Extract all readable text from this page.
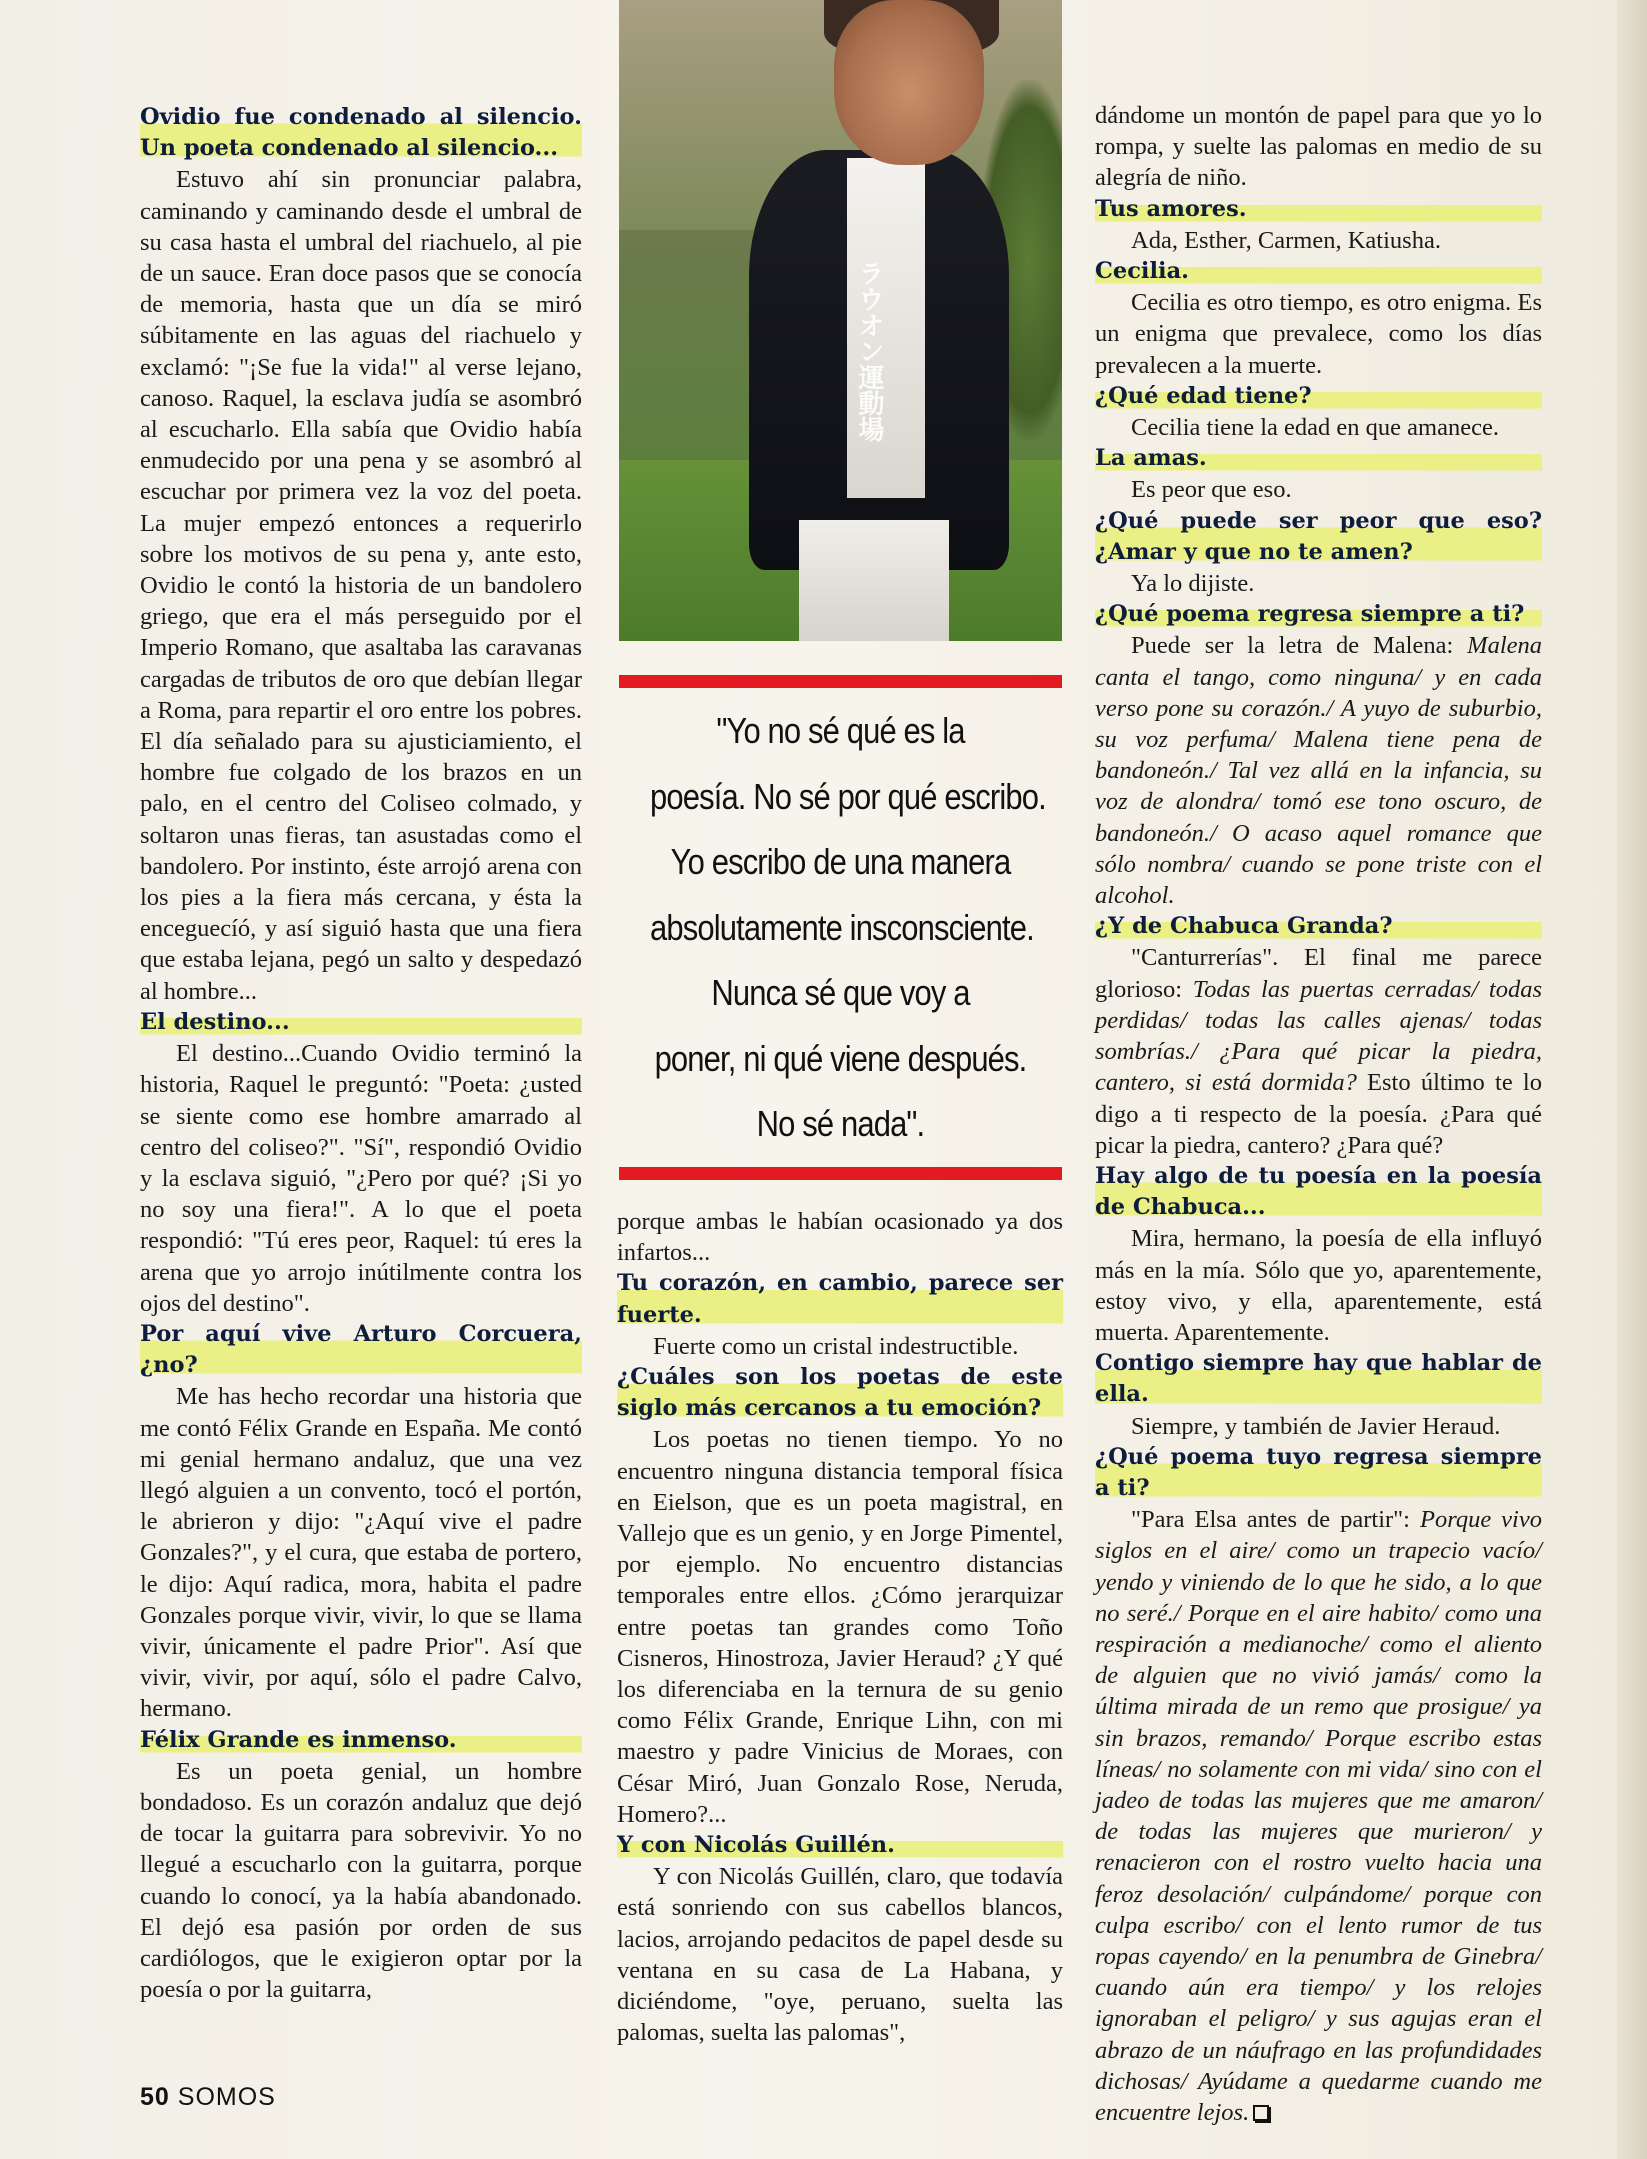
Ovidio fue condenado al silencio. Un poeta condenado al silencio...

Estuvo ahí sin pronunciar palabra, caminando y caminando desde el umbral de su casa hasta el umbral del riachuelo, al pie de un sauce. Eran doce pasos que se conocía de memoria, hasta que un día se miró súbitamente en las aguas del riachuelo y exclamó: "¡Se fue la vida!" al verse lejano, canoso. Raquel, la esclava judía se asombró al escucharlo. Ella sabía que Ovidio había enmudecido por una pena y se asombró al escuchar por primera vez la voz del poeta. La mujer empezó entonces a requerirlo sobre los motivos de su pena y, ante esto, Ovidio le contó la historia de un bandolero griego, que era el más perseguido por el Imperio Romano, que asaltaba las caravanas cargadas de tributos de oro que debían llegar a Roma, para repartir el oro entre los pobres. El día señalado para su ajusticiamiento, el hombre fue colgado de los brazos en un palo, en el centro del Coliseo colmado, y soltaron unas fieras, tan asustadas como el bandolero. Por instinto, éste arrojó arena con los pies a la fiera más cercana, y ésta la enceguecíó, y así siguió hasta que una fiera que estaba lejana, pegó un salto y despedazó al hombre...

El destino...

El destino...Cuando Ovidio terminó la historia, Raquel le preguntó: "Poeta: ¿usted se siente como ese hombre amarrado al centro del coliseo?". "Sí", respondió Ovidio y la esclava siguió, "¿Pero por qué? ¡Si yo no soy una fiera!". A lo que el poeta respondió: "Tú eres peor, Raquel: tú eres la arena que yo arrojo inútilmente contra los ojos del destino".

Por aquí vive Arturo Corcuera, ¿no?

Me has hecho recordar una historia que me contó Félix Grande en España. Me contó mi genial hermano andaluz, que una vez llegó alguien a un convento, tocó el portón, le abrieron y dijo: "¿Aquí vive el padre Gonzales?", y el cura, que estaba de portero, le dijo: Aquí radica, mora, habita el padre Gonzales porque vivir, vivir, lo que se llama vivir, únicamente el padre Prior". Así que vivir, vivir, por aquí, sólo el padre Calvo, hermano.

Félix Grande es inmenso.

Es un poeta genial, un hombre bondadoso. Es un corazón andaluz que dejó de tocar la guitarra para sobrevivir. Yo no llegué a escucharlo con la guitarra, porque cuando lo conocí, ya la había abandonado. El dejó esa pasión por orden de sus cardiólogos, que le exigieron optar por la poesía o por la guitarra,

ラウオン運動場
"Yo no sé qué es la
poesía. No sé por qué escribo.
Yo escribo de una manera
absolutamente insconsciente.
Nunca sé que voy a
poner, ni qué viene después.
No sé nada".

porque ambas le habían ocasionado ya dos infartos...

Tu corazón, en cambio, parece ser fuerte.

Fuerte como un cristal indestructible.

¿Cuáles son los poetas de este siglo más cercanos a tu emoción?

Los poetas no tienen tiempo. Yo no encuentro ninguna distancia temporal física en Eielson, que es un poeta magistral, en Vallejo que es un genio, y en Jorge Pimentel, por ejemplo. No encuentro distancias temporales entre ellos. ¿Cómo jerarquizar entre poetas tan grandes como Toño Cisneros, Hinostroza, Javier Heraud? ¿Y qué los diferenciaba en la ternura de su genio como Félix Grande, Enrique Lihn, con mi maestro y padre Vinicius de Moraes, con César Miró, Juan Gonzalo Rose, Neruda, Homero?...

Y con Nicolás Guillén.

Y con Nicolás Guillén, claro, que todavía está sonriendo con sus cabellos blancos, lacios, arrojando pedacitos de papel desde su ventana en su casa de La Habana, y diciéndome, "oye, peruano, suelta las palomas, suelta las palomas",

dándome un montón de papel para que yo lo rompa, y suelte las palomas en medio de su alegría de niño.

Tus amores.

Ada, Esther, Carmen, Katiusha.

Cecilia.

Cecilia es otro tiempo, es otro enigma. Es un enigma que prevalece, como los días prevalecen a la muerte.

¿Qué edad tiene?

Cecilia tiene la edad en que amanece.

La amas.

Es peor que eso.

¿Qué puede ser peor que eso? ¿Amar y que no te amen?

Ya lo dijiste.

¿Qué poema regresa siempre a ti?

Puede ser la letra de Malena: Malena canta el tango, como ninguna/ y en cada verso pone su corazón./ A yuyo de suburbio, su voz perfuma/ Malena tiene pena de bandoneón./ Tal vez allá en la infancia, su voz de alondra/ tomó ese tono oscuro, de bandoneón./ O acaso aquel romance que sólo nombra/ cuando se pone triste con el alcohol.

¿Y de Chabuca Granda?

"Canturrerías". El final me parece glorioso: Todas las puertas cerradas/ todas perdidas/ todas las calles ajenas/ todas sombrías./ ¿Para qué picar la piedra, cantero, si está dormida? Esto último te lo digo a ti respecto de la poesía. ¿Para qué picar la piedra, cantero? ¿Para qué?

Hay algo de tu poesía en la poesía de Chabuca...

Mira, hermano, la poesía de ella influyó más en la mía. Sólo que yo, aparentemente, estoy vivo, y ella, aparentemente, está muerta. Aparentemente.

Contigo siempre hay que hablar de ella.

Siempre, y también de Javier Heraud.

¿Qué poema tuyo regresa siempre a ti?

"Para Elsa antes de partir": Porque vivo siglos en el aire/ como un trapecio vacío/ yendo y viniendo de lo que he sido, a lo que no seré./ Porque en el aire habito/ como una respiración a medianoche/ como el aliento de alguien que no vivió jamás/ como la última mirada de un remo que prosigue/ ya sin brazos, remando/ Porque escribo estas líneas/ no solamente con mi vida/ sino con el jadeo de todas las mujeres que me amaron/ de todas las mujeres que murieron/ y renacieron con el rostro vuelto hacia una feroz desolación/ culpándome/ porque con culpa escribo/ con el lento rumor de tus ropas cayendo/ en la penumbra de Ginebra/ cuando aún era tiempo/ y los relojes ignoraban el peligro/ y sus agujas eran el abrazo de un náufrago en las profundidades dichosas/ Ayúdame a quedarme cuando me encuentre lejos.

50 SOMOS
